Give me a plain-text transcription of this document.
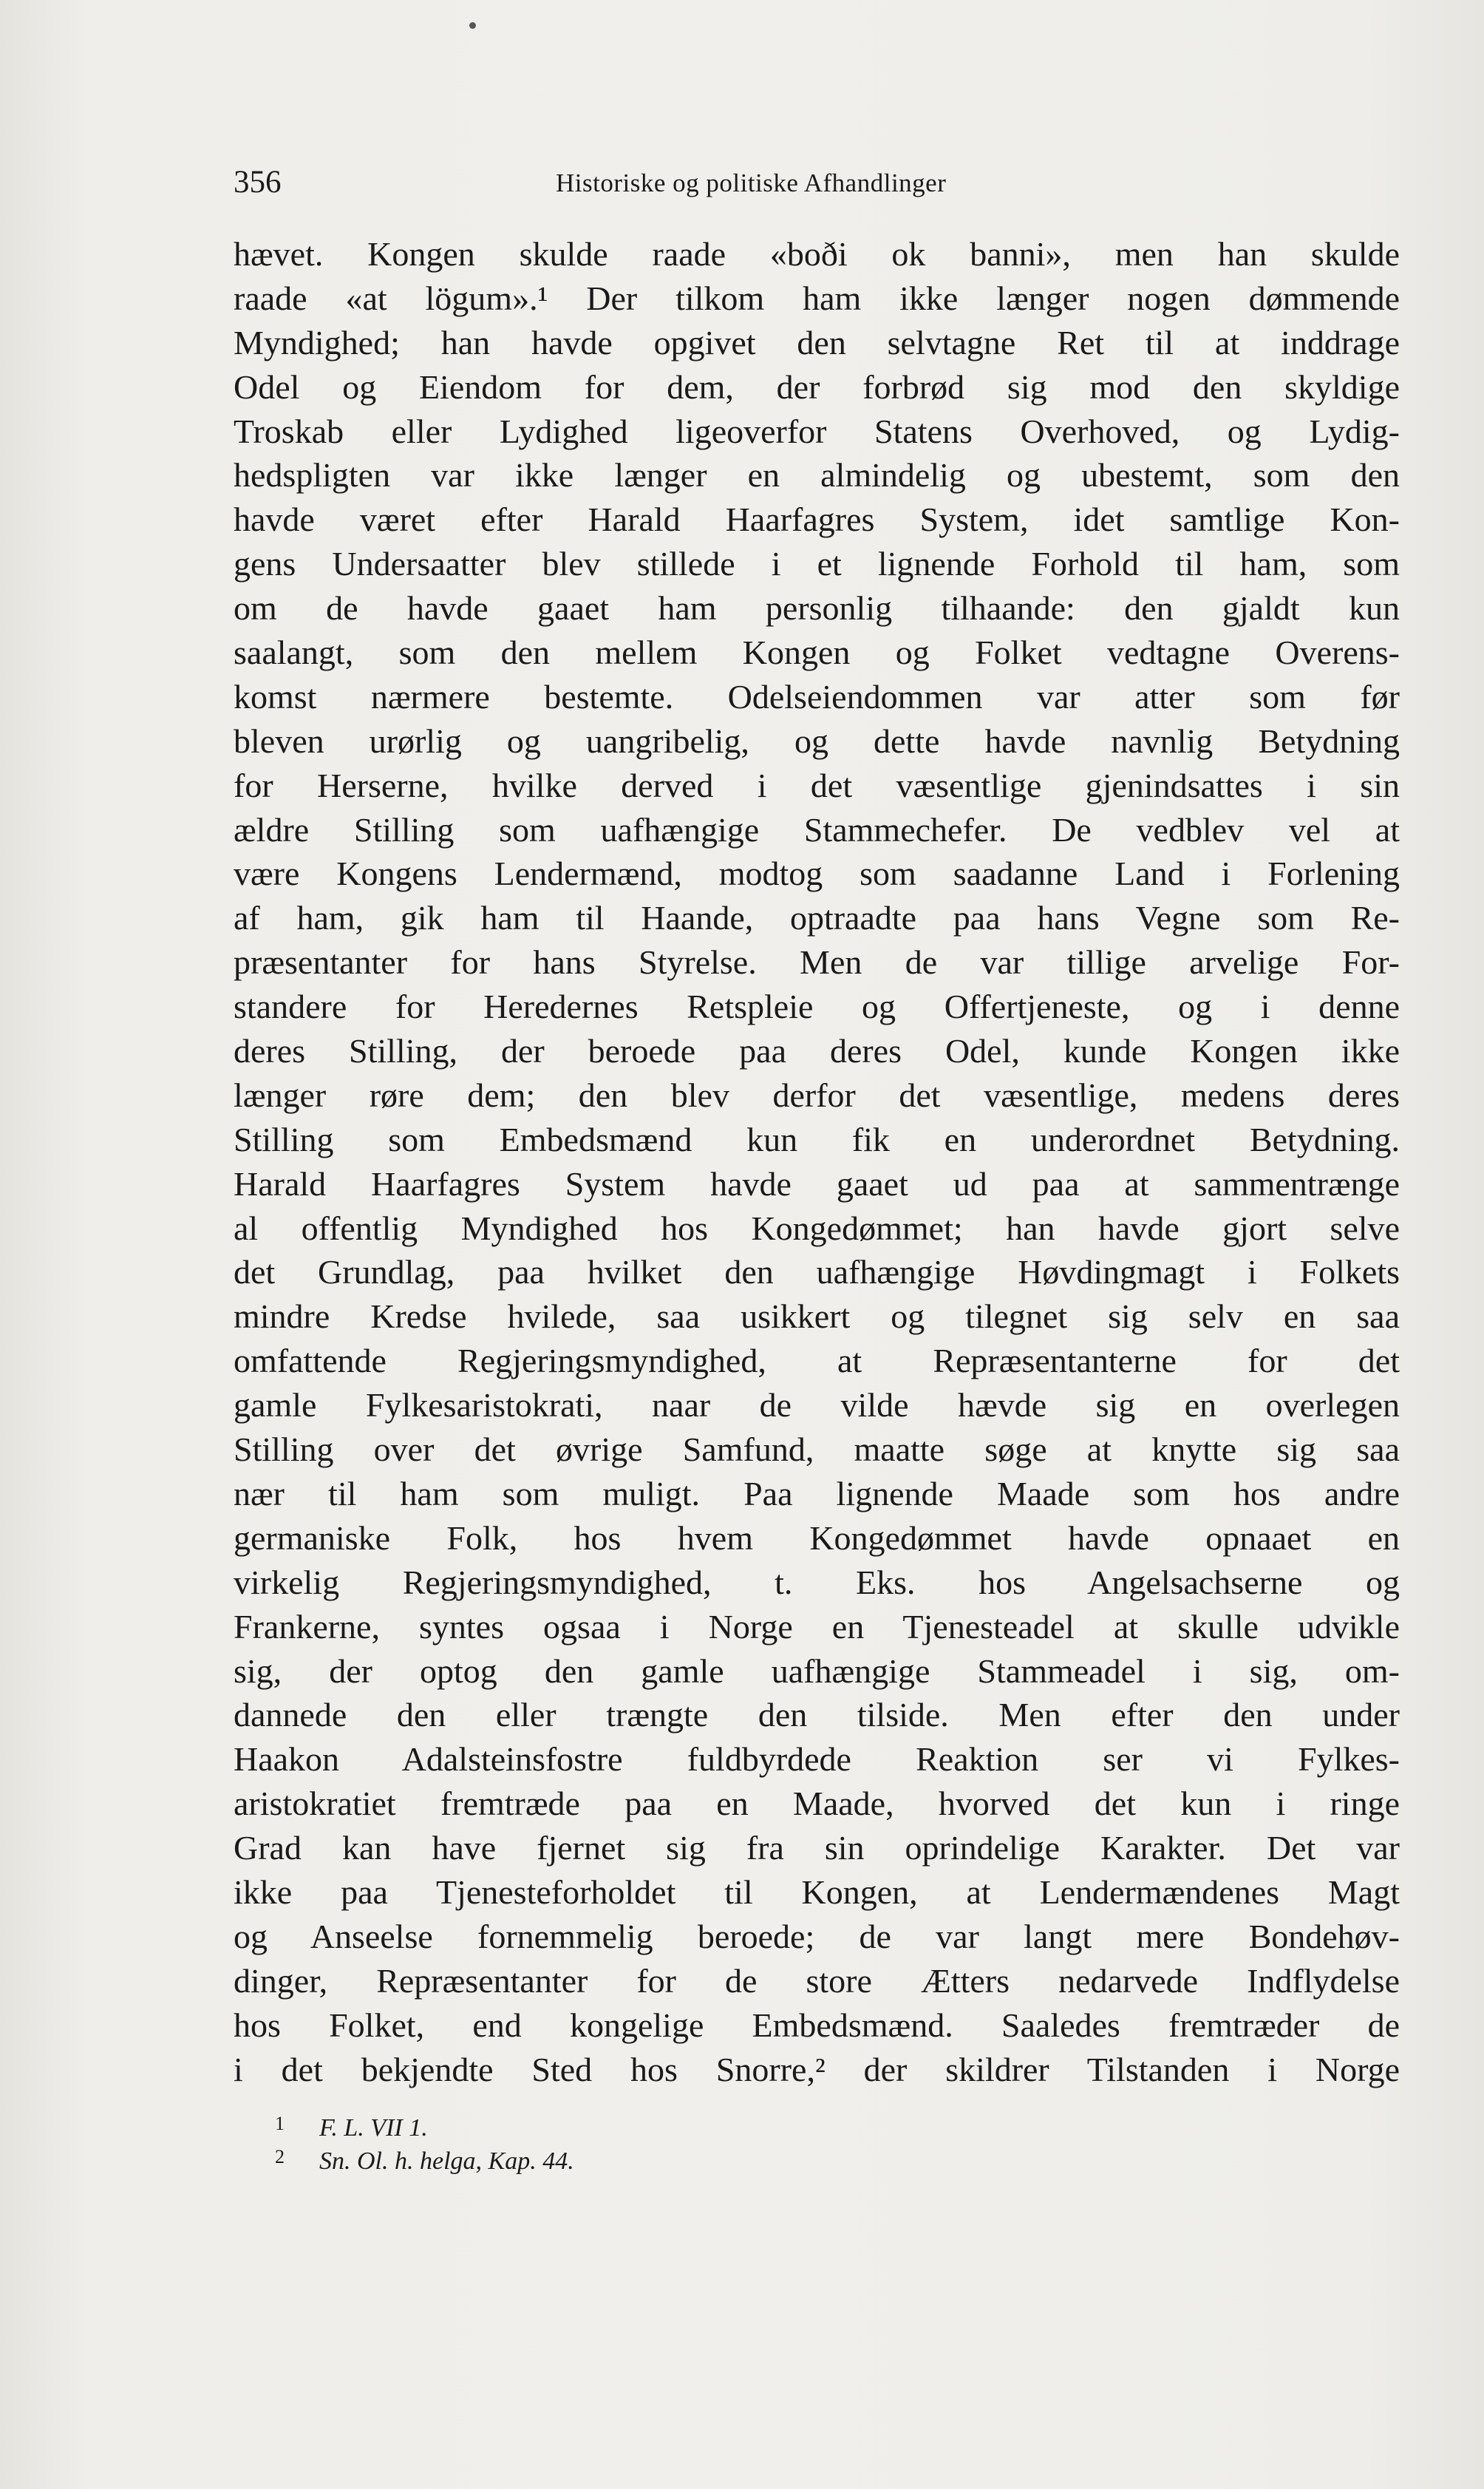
356	Historiske og politiske Afhandlinger
hævet. Kongen skulde raade «boði ok banni», men han skulde
raade «at lögum».¹ Der tilkom ham ikke længer nogen dømmende
Myndighed; han havde opgivet den selvtagne Ret til at inddrage
Odel og Eiendom for dem, der forbrød sig mod den skyldige
Troskab eller Lydighed ligeoverfor Statens Overhoved, og Lydig-
hedspligten var ikke længer en almindelig og ubestemt, som den
havde været efter Harald Haarfagres System, idet samtlige Kon-
gens Undersaatter blev stillede i et lignende Forhold til ham, som
om de havde gaaet ham personlig tilhaande: den gjaldt kun
saalangt, som den mellem Kongen og Folket vedtagne Overens-
komst nærmere bestemte. Odelseiendommen var atter som før
bleven urørlig og uangribelig, og dette havde navnlig Betydning
for Herserne, hvilke derved i det væsentlige gjenindsattes i sin
ældre Stilling som uafhængige Stammechefer. De vedblev vel at
være Kongens Lendermænd, modtog som saadanne Land i Forlening
af ham, gik ham til Haande, optraadte paa hans Vegne som Re-
præsentanter for hans Styrelse. Men de var tillige arvelige For-
standere for Heredernes Retspleie og Offertjeneste, og i denne
deres Stilling, der beroede paa deres Odel, kunde Kongen ikke
længer røre dem; den blev derfor det væsentlige, medens deres
Stilling som Embedsmænd kun fik en underordnet Betydning.
Harald Haarfagres System havde gaaet ud paa at sammentrænge
al offentlig Myndighed hos Kongedømmet; han havde gjort selve
det Grundlag, paa hvilket den uafhængige Høvdingmagt i Folkets
mindre Kredse hvilede, saa usikkert og tilegnet sig selv en saa
omfattende Regjeringsmyndighed, at Repræsentanterne for det
gamle Fylkesaristokrati, naar de vilde hævde sig en overlegen
Stilling over det øvrige Samfund, maatte søge at knytte sig saa
nær til ham som muligt. Paa lignende Maade som hos andre
germaniske Folk, hos hvem Kongedømmet havde opnaaet en
virkelig Regjeringsmyndighed, t. Eks. hos Angelsachserne og
Frankerne, syntes ogsaa i Norge en Tjenesteadel at skulle udvikle
sig, der optog den gamle uafhængige Stammeadel i sig, om-
dannede den eller trængte den tilside. Men efter den under
Haakon Adalsteinsfostre fuldbyrdede Reaktion ser vi Fylkes-
aristokratiet fremtræde paa en Maade, hvorved det kun i ringe
Grad kan have fjernet sig fra sin oprindelige Karakter. Det var
ikke paa Tjenesteforholdet til Kongen, at Lendermændenes Magt
og Anseelse fornemmelig beroede; de var langt mere Bondehøv-
dinger, Repræsentanter for de store Ætters nedarvede Indflydelse
hos Folket, end kongelige Embedsmænd. Saaledes fremtræder de
i det bekjendte Sted hos Snorre,² der skildrer Tilstanden i Norge
1 F. L. VII 1.
2 Sn. Ol. h. helga, Kap. 44.
